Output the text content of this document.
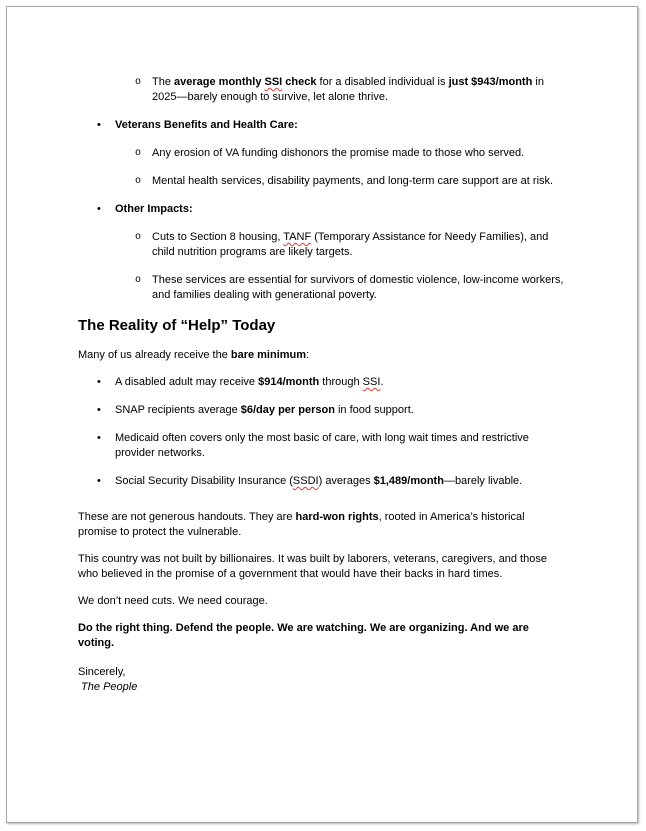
o The average monthly SSI check for a disabled individual is just $943/month in 2025—barely enough to survive, let alone thrive.
• Veterans Benefits and Health Care:
o Any erosion of VA funding dishonors the promise made to those who served.
o Mental health services, disability payments, and long-term care support are at risk.
• Other Impacts:
o Cuts to Section 8 housing, TANF (Temporary Assistance for Needy Families), and child nutrition programs are likely targets.
o These services are essential for survivors of domestic violence, low-income workers, and families dealing with generational poverty.
The Reality of “Help” Today

Many of us already receive the bare minimum:

• A disabled adult may receive $914/month through SSI.
• SNAP recipients average $6/day per person in food support.
• Medicaid often covers only the most basic of care, with long wait times and restrictive provider networks.
• Social Security Disability Insurance (SSDI) averages $1,489/month—barely livable.

These are not generous handouts. They are hard-won rights, rooted in America’s historical promise to protect the vulnerable.

This country was not built by billionaires. It was built by laborers, veterans, caregivers, and those who believed in the promise of a government that would have their backs in hard times.

We don’t need cuts. We need courage.

Do the right thing. Defend the people. We are watching. We are organizing. And we are voting.

Sincerely,
The People
